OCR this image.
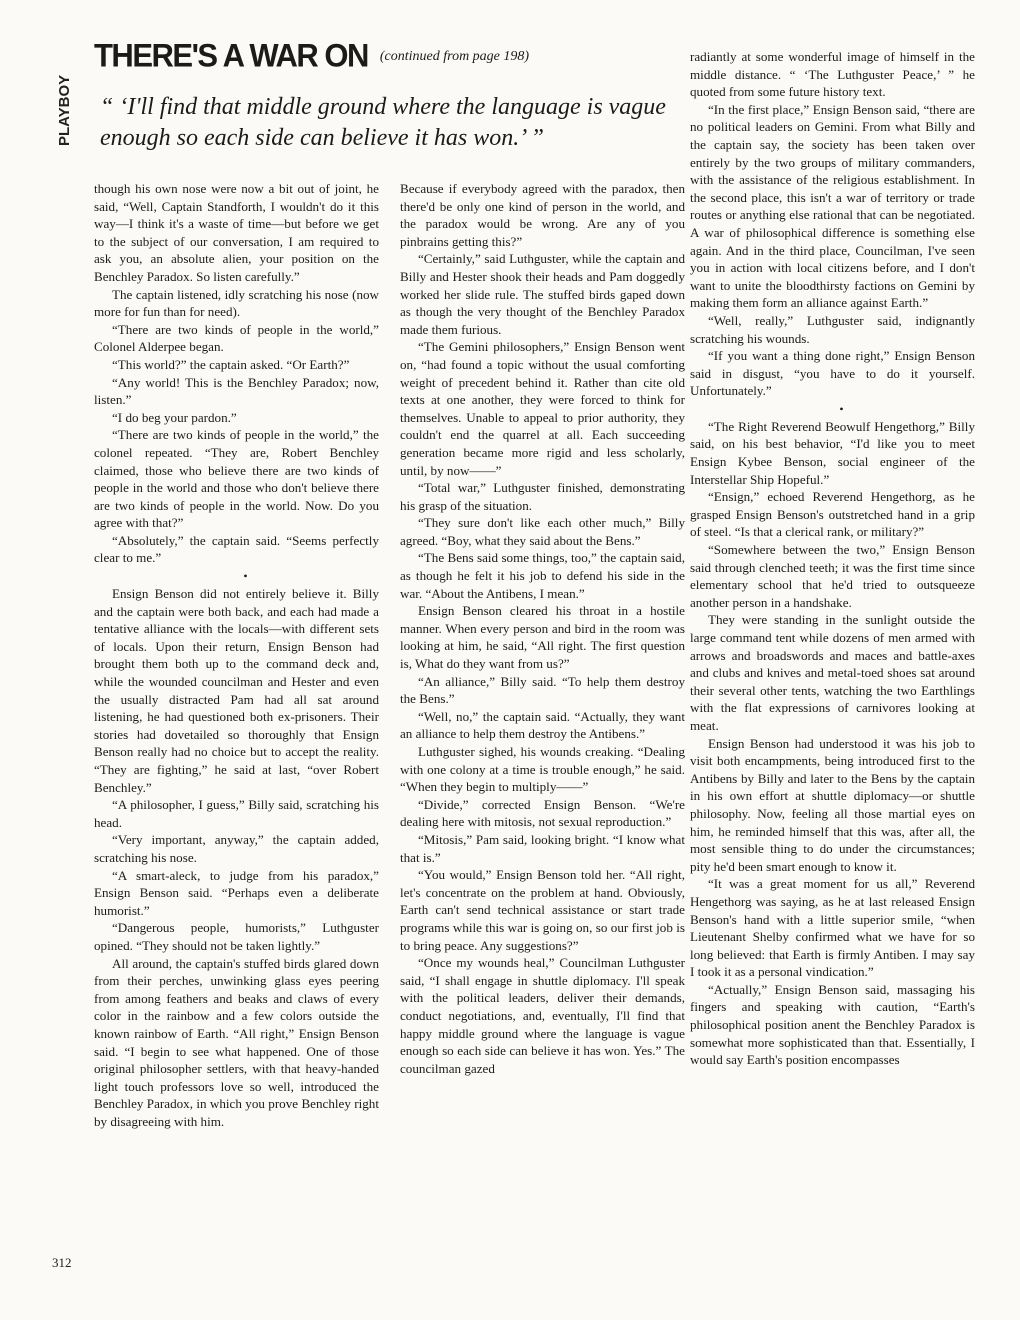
PLAYBOY
THERE'S A WAR ON (continued from page 198)
“ ‘I'll find that middle ground where the language is vague enough so each side can believe it has won.’ ”

though his own nose were now a bit out of joint, he said, “Well, Captain Standforth, I wouldn't do it this way—I think it's a waste of time—but before we get to the subject of our conversation, I am required to ask you, an absolute alien, your position on the Benchley Paradox. So listen carefully.”

The captain listened, idly scratching his nose (now more for fun than for need).

“There are two kinds of people in the world,” Colonel Alderpee began.

“This world?” the captain asked. “Or Earth?”

“Any world! This is the Benchley Paradox; now, listen.”

“I do beg your pardon.”

“There are two kinds of people in the world,” the colonel repeated. “They are, Robert Benchley claimed, those who believe there are two kinds of people in the world and those who don't believe there are two kinds of people in the world. Now. Do you agree with that?”

“Absolutely,” the captain said. “Seems perfectly clear to me.”

•

Ensign Benson did not entirely believe it. Billy and the captain were both back, and each had made a tentative alliance with the locals—with different sets of locals. Upon their return, Ensign Benson had brought them both up to the command deck and, while the wounded councilman and Hester and even the usually distracted Pam had all sat around listening, he had questioned both ex-prisoners. Their stories had dovetailed so thoroughly that Ensign Benson really had no choice but to accept the reality. “They are fighting,” he said at last, “over Robert Benchley.”

“A philosopher, I guess,” Billy said, scratching his head.

“Very important, anyway,” the captain added, scratching his nose.

“A smart-aleck, to judge from his paradox,” Ensign Benson said. “Perhaps even a deliberate humorist.”

“Dangerous people, humorists,” Luthguster opined. “They should not be taken lightly.”

All around, the captain's stuffed birds glared down from their perches, unwinking glass eyes peering from among feathers and beaks and claws of every color in the rainbow and a few colors outside the known rainbow of Earth. “All right,” Ensign Benson said. “I begin to see what happened. One of those original philosopher settlers, with that heavy-handed light touch professors love so well, introduced the Benchley Paradox, in which you prove Benchley right by disagreeing with him.

Because if everybody agreed with the paradox, then there'd be only one kind of person in the world, and the paradox would be wrong. Are any of you pinbrains getting this?”

“Certainly,” said Luthguster, while the captain and Billy and Hester shook their heads and Pam doggedly worked her slide rule. The stuffed birds gaped down as though the very thought of the Benchley Paradox made them furious.

“The Gemini philosophers,” Ensign Benson went on, “had found a topic without the usual comforting weight of precedent behind it. Rather than cite old texts at one another, they were forced to think for themselves. Unable to appeal to prior authority, they couldn't end the quarrel at all. Each succeeding generation became more rigid and less scholarly, until, by now——”

“Total war,” Luthguster finished, demonstrating his grasp of the situation.

“They sure don't like each other much,” Billy agreed. “Boy, what they said about the Bens.”

“The Bens said some things, too,” the captain said, as though he felt it his job to defend his side in the war. “About the Antibens, I mean.”

Ensign Benson cleared his throat in a hostile manner. When every person and bird in the room was looking at him, he said, “All right. The first question is, What do they want from us?”

“An alliance,” Billy said. “To help them destroy the Bens.”

“Well, no,” the captain said. “Actually, they want an alliance to help them destroy the Antibens.”

Luthguster sighed, his wounds creaking. “Dealing with one colony at a time is trouble enough,” he said. “When they begin to multiply——”

“Divide,” corrected Ensign Benson. “We're dealing here with mitosis, not sexual reproduction.”

“Mitosis,” Pam said, looking bright. “I know what that is.”

“You would,” Ensign Benson told her. “All right, let's concentrate on the problem at hand. Obviously, Earth can't send technical assistance or start trade programs while this war is going on, so our first job is to bring peace. Any suggestions?”

“Once my wounds heal,” Councilman Luthguster said, “I shall engage in shuttle diplomacy. I'll speak with the political leaders, deliver their demands, conduct negotiations, and, eventually, I'll find that happy middle ground where the language is vague enough so each side can believe it has won. Yes.” The councilman gazed

radiantly at some wonderful image of himself in the middle distance. “ ‘The Luthguster Peace,’ ” he quoted from some future history text.

“In the first place,” Ensign Benson said, “there are no political leaders on Gemini. From what Billy and the captain say, the society has been taken over entirely by the two groups of military commanders, with the assistance of the religious establishment. In the second place, this isn't a war of territory or trade routes or anything else rational that can be negotiated. A war of philosophical difference is something else again. And in the third place, Councilman, I've seen you in action with local citizens before, and I don't want to unite the bloodthirsty factions on Gemini by making them form an alliance against Earth.”

“Well, really,” Luthguster said, indignantly scratching his wounds.

“If you want a thing done right,” Ensign Benson said in disgust, “you have to do it yourself. Unfortunately.”

•

“The Right Reverend Beowulf Hengethorg,” Billy said, on his best behavior, “I'd like you to meet Ensign Kybee Benson, social engineer of the Interstellar Ship Hopeful.”

“Ensign,” echoed Reverend Hengethorg, as he grasped Ensign Benson's outstretched hand in a grip of steel. “Is that a clerical rank, or military?”

“Somewhere between the two,” Ensign Benson said through clenched teeth; it was the first time since elementary school that he'd tried to outsqueeze another person in a handshake.

They were standing in the sunlight outside the large command tent while dozens of men armed with arrows and broadswords and maces and battle-axes and clubs and knives and metal-toed shoes sat around their several other tents, watching the two Earthlings with the flat expressions of carnivores looking at meat.

Ensign Benson had understood it was his job to visit both encampments, being introduced first to the Antibens by Billy and later to the Bens by the captain in his own effort at shuttle diplomacy—or shuttle philosophy. Now, feeling all those martial eyes on him, he reminded himself that this was, after all, the most sensible thing to do under the circumstances; pity he'd been smart enough to know it.

“It was a great moment for us all,” Reverend Hengethorg was saying, as he at last released Ensign Benson's hand with a little superior smile, “when Lieutenant Shelby confirmed what we have for so long believed: that Earth is firmly Antiben. I may say I took it as a personal vindication.”

“Actually,” Ensign Benson said, massaging his fingers and speaking with caution, “Earth's philosophical position anent the Benchley Paradox is somewhat more sophisticated than that. Essentially, I would say Earth's position encompasses

312
